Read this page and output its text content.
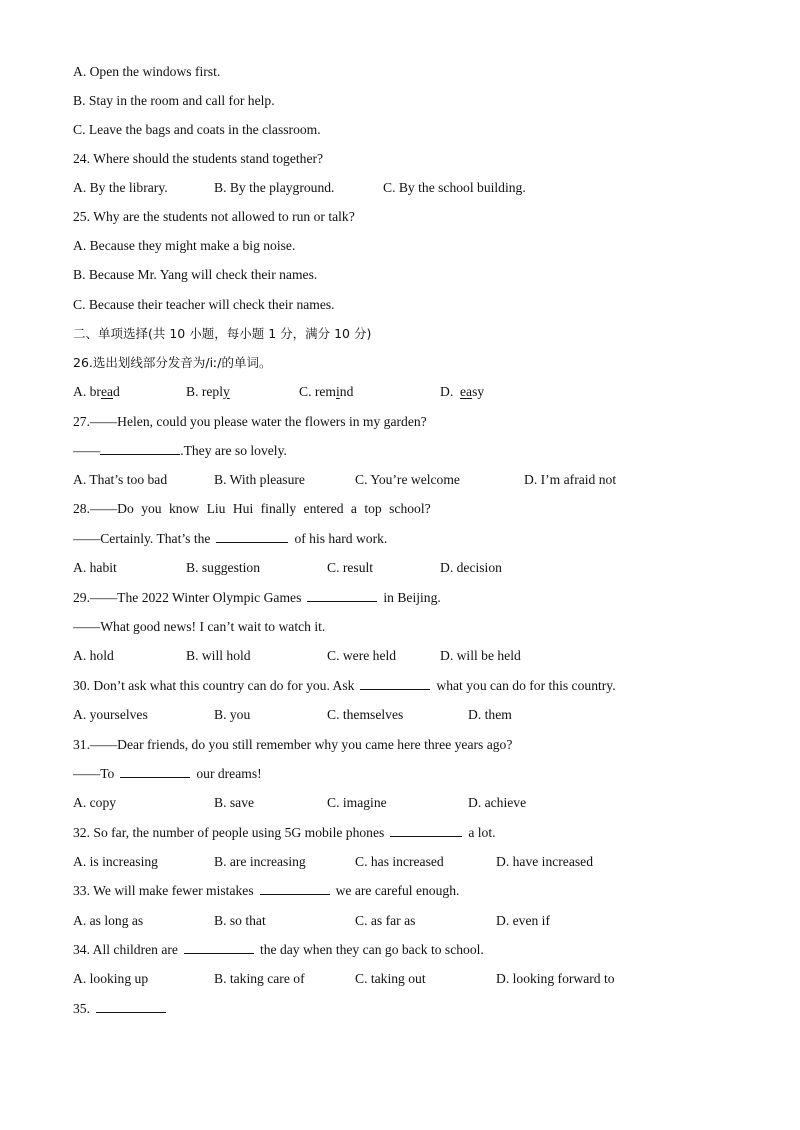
A. Open the windows first.
B. Stay in the room and call for help.
C. Leave the bags and coats in the classroom.
24. Where should the students stand together?
A. By the library.	B. By the playground.	C. By the school building.
25. Why are the students not allowed to run or talk?
A. Because they might make a big noise.
B. Because Mr. Yang will check their names.
C. Because their teacher will check their names.
二、单项选择(共 10 小题，每小题 1 分，满分 10 分)
26.选出划线部分发音为/iː/的单词。
A. bread	B. reply	C. remind	D.  easy
27.——Helen, could you please water the flowers in my garden?
——	.They are so lovely.
A. That’s too bad	B. With pleasure	C. You’re welcome	D. I’m afraid not
28.——Do you know Liu Hui finally entered a top school?
——Certainly. That’s the	of his hard work.
A. habit	B. suggestion	C. result	D. decision
29.——The 2022 Winter Olympic Games	in Beijing.
——What good news! I can’t wait to watch it.
A. hold	B. will hold	C. were held	D. will be held
30. Don’t ask what this country can do for you. Ask	what you can do for this country.
A. yourselves	B. you	C. themselves	D. them
31.——Dear friends, do you still remember why you came here three years ago?
——To	our dreams!
A. copy	B. save	C. imagine	D. achieve
32. So far, the number of people using 5G mobile phones	a lot.
A. is increasing	B. are increasing	C. has increased	D. have increased
33. We will make fewer mistakes	we are careful enough.
A. as long as	B. so that	C. as far as	D. even if
34. All children are	the day when they can go back to school.
A. looking up	B. taking care of	C. taking out	D. looking forward to
35.
